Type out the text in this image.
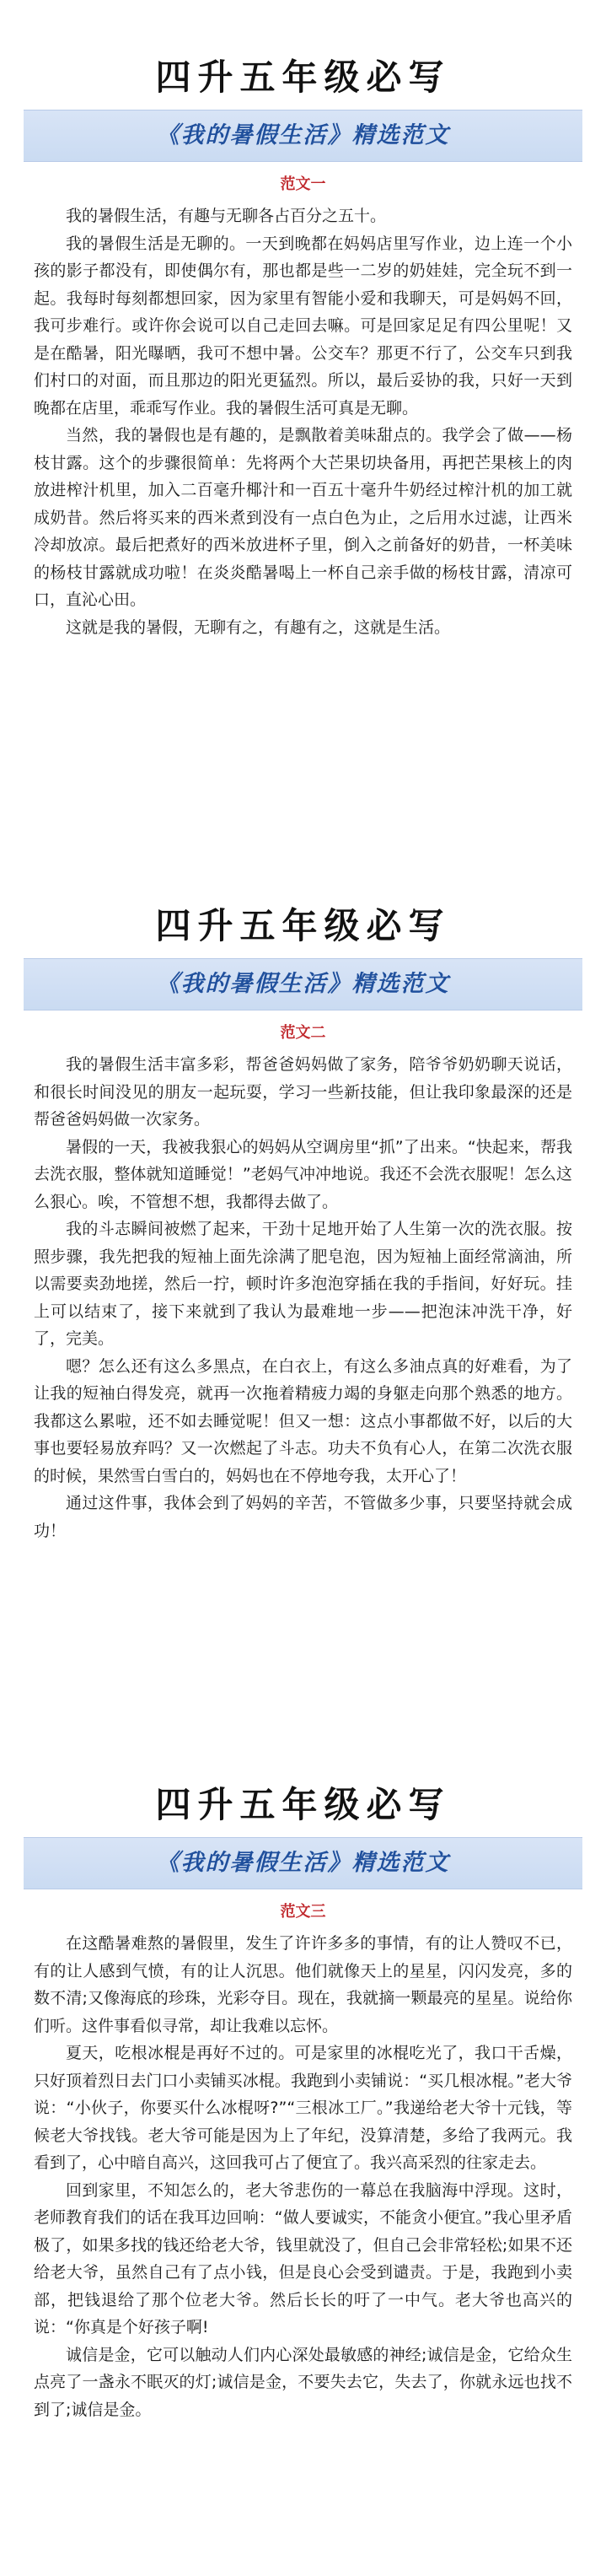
四升五年级必写
《我的暑假生活》精选范文
范文一

我的暑假生活，有趣与无聊各占百分之五十。

我的暑假生活是无聊的。一天到晚都在妈妈店里写作业，边上连一个小孩的影子都没有，即使偶尔有，那也都是些一二岁的奶娃娃，完全玩不到一起。我每时每刻都想回家，因为家里有智能小爱和我聊天，可是妈妈不回，我可步难行。或许你会说可以自己走回去嘛。可是回家足足有四公里呢！又是在酷暑，阳光曝晒，我可不想中暑。公交车？那更不行了，公交车只到我们村口的对面，而且那边的阳光更猛烈。所以，最后妥协的我，只好一天到晚都在店里，乖乖写作业。我的暑假生活可真是无聊。

当然，我的暑假也是有趣的，是飘散着美味甜点的。我学会了做——杨枝甘露。这个的步骤很简单：先将两个大芒果切块备用，再把芒果核上的肉放进榨汁机里，加入二百毫升椰汁和一百五十毫升牛奶经过榨汁机的加工就成奶昔。然后将买来的西米煮到没有一点白色为止，之后用水过滤，让西米冷却放凉。最后把煮好的西米放进杯子里，倒入之前备好的奶昔，一杯美味的杨枝甘露就成功啦！在炎炎酷暑喝上一杯自己亲手做的杨枝甘露，清凉可口，直沁心田。

这就是我的暑假，无聊有之，有趣有之，这就是生活。

四升五年级必写
《我的暑假生活》精选范文
范文二

我的暑假生活丰富多彩，帮爸爸妈妈做了家务，陪爷爷奶奶聊天说话，和很长时间没见的朋友一起玩耍，学习一些新技能，但让我印象最深的还是帮爸爸妈妈做一次家务。

暑假的一天，我被我狠心的妈妈从空调房里“抓”了出来。“快起来，帮我去洗衣服，整体就知道睡觉！”老妈气冲冲地说。我还不会洗衣服呢！怎么这么狠心。唉，不管想不想，我都得去做了。

我的斗志瞬间被燃了起来，干劲十足地开始了人生第一次的洗衣服。按照步骤，我先把我的短袖上面先涂满了肥皂泡，因为短袖上面经常滴油，所以需要卖劲地搓，然后一拧，顿时许多泡泡穿插在我的手指间，好好玩。挂上可以结束了，接下来就到了我认为最难地一步——把泡沫冲洗干净，好了，完美。

嗯？怎么还有这么多黑点，在白衣上，有这么多油点真的好难看，为了让我的短袖白得发亮，就再一次拖着精疲力竭的身躯走向那个熟悉的地方。我都这么累啦，还不如去睡觉呢！但又一想：这点小事都做不好，以后的大事也要轻易放弃吗？又一次燃起了斗志。功夫不负有心人，在第二次洗衣服的时候，果然雪白雪白的，妈妈也在不停地夸我，太开心了！

通过这件事，我体会到了妈妈的辛苦，不管做多少事，只要坚持就会成功！

四升五年级必写
《我的暑假生活》精选范文
范文三

在这酷暑难熬的暑假里，发生了许许多多的事情，有的让人赞叹不已，有的让人感到气愤，有的让人沉思。他们就像天上的星星，闪闪发亮，多的数不清;又像海底的珍珠，光彩夺目。现在，我就摘一颗最亮的星星。说给你们听。这件事看似寻常，却让我难以忘怀。

夏天，吃根冰棍是再好不过的。可是家里的冰棍吃光了，我口干舌燥，只好顶着烈日去门口小卖铺买冰棍。我跑到小卖铺说：“买几根冰棍。”老大爷说：“小伙子，你要买什么冰棍呀?”“三根冰工厂。”我递给老大爷十元钱，等候老大爷找钱。老大爷可能是因为上了年纪，没算清楚，多给了我两元。我看到了，心中暗自高兴，这回我可占了便宜了。我兴高采烈的往家走去。

回到家里，不知怎么的，老大爷悲伤的一幕总在我脑海中浮现。这时，老师教育我们的话在我耳边回响：“做人要诚实，不能贪小便宜。”我心里矛盾极了，如果多找的钱还给老大爷，钱里就没了，但自己会非常轻松;如果不还给老大爷，虽然自己有了点小钱，但是良心会受到谴责。于是，我跑到小卖部，把钱退给了那个位老大爷。然后长长的吁了一中气。老大爷也高兴的说：“你真是个好孩子啊!

诚信是金，它可以触动人们内心深处最敏感的神经;诚信是金，它给众生点亮了一盏永不眠灭的灯;诚信是金，不要失去它，失去了，你就永远也找不到了;诚信是金。
